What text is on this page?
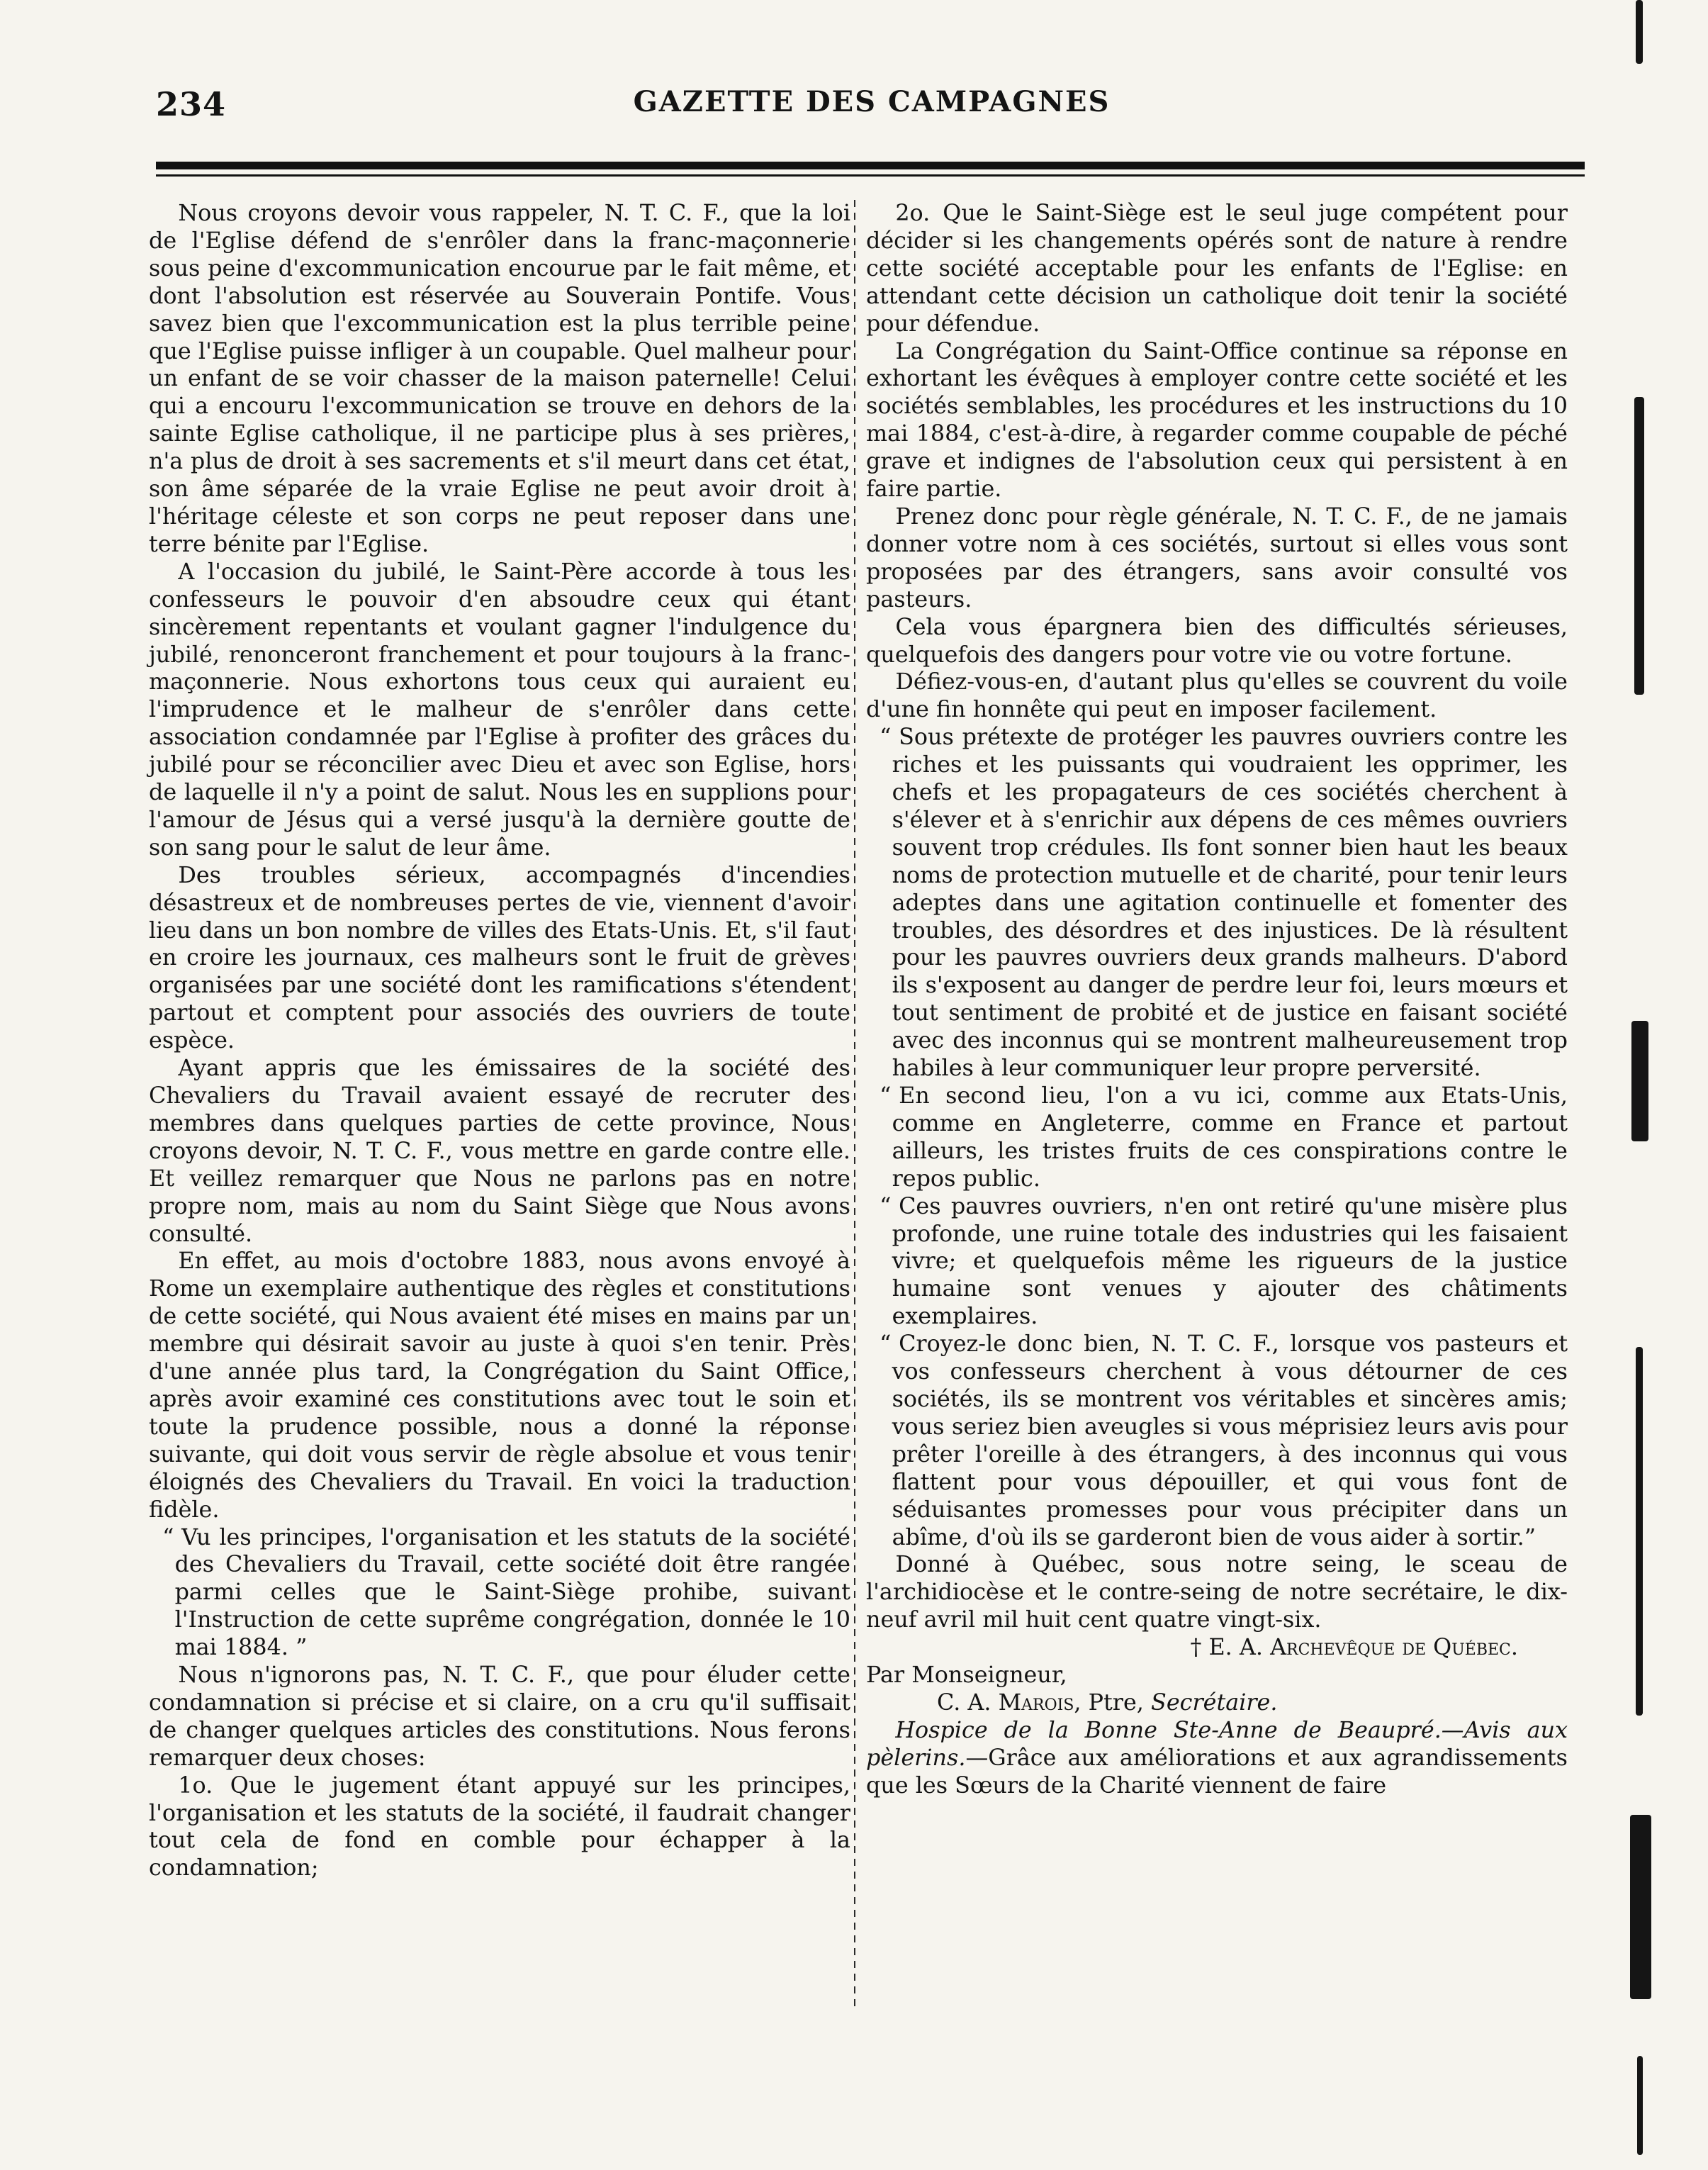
234	GAZETTE DES CAMPAGNES

Nous croyons devoir vous rappeler, N. T. C. F., que la loi de l'Eglise défend de s'enrôler dans la franc-maçonnerie sous peine d'excommunication encourue par le fait même, et dont l'absolution est réservée au Souverain Pontife. Vous savez bien que l'excommunication est la plus terrible peine que l'Eglise puisse infliger à un coupable. Quel malheur pour un enfant de se voir chasser de la maison paternelle! Celui qui a encouru l'excommunication se trouve en dehors de la sainte Eglise catholique, il ne participe plus à ses prières, n'a plus de droit à ses sacrements et s'il meurt dans cet état, son âme séparée de la vraie Eglise ne peut avoir droit à l'héritage céleste et son corps ne peut reposer dans une terre bénite par l'Eglise.

A l'occasion du jubilé, le Saint-Père accorde à tous les confesseurs le pouvoir d'en absoudre ceux qui étant sincèrement repentants et voulant gagner l'indulgence du jubilé, renonceront franchement et pour toujours à la franc-maçonnerie. Nous exhortons tous ceux qui auraient eu l'imprudence et le malheur de s'enrôler dans cette association condamnée par l'Eglise à profiter des grâces du jubilé pour se réconcilier avec Dieu et avec son Eglise, hors de laquelle il n'y a point de salut. Nous les en supplions pour l'amour de Jésus qui a versé jusqu'à la dernière goutte de son sang pour le salut de leur âme.

Des troubles sérieux, accompagnés d'incendies désastreux et de nombreuses pertes de vie, viennent d'avoir lieu dans un bon nombre de villes des Etats-Unis. Et, s'il faut en croire les journaux, ces malheurs sont le fruit de grèves organisées par une société dont les ramifications s'étendent partout et comptent pour associés des ouvriers de toute espèce.

Ayant appris que les émissaires de la société des Chevaliers du Travail avaient essayé de recruter des membres dans quelques parties de cette province, Nous croyons devoir, N. T. C. F., vous mettre en garde contre elle. Et veillez remarquer que Nous ne parlons pas en notre propre nom, mais au nom du Saint Siège que Nous avons consulté.

En effet, au mois d'octobre 1883, nous avons envoyé à Rome un exemplaire authentique des règles et constitutions de cette société, qui Nous avaient été mises en mains par un membre qui désirait savoir au juste à quoi s'en tenir. Près d'une année plus tard, la Congrégation du Saint Office, après avoir examiné ces constitutions avec tout le soin et toute la prudence possible, nous a donné la réponse suivante, qui doit vous servir de règle absolue et vous tenir éloignés des Chevaliers du Travail. En voici la traduction fidèle.

“ Vu les principes, l'organisation et les statuts de la société des Chevaliers du Travail, cette société doit être rangée parmi celles que le Saint-Siège prohibe, suivant l'Instruction de cette suprême congrégation, donnée le 10 mai 1884. ”

Nous n'ignorons pas, N. T. C. F., que pour éluder cette condamnation si précise et si claire, on a cru qu'il suffisait de changer quelques articles des constitutions. Nous ferons remarquer deux choses:

1o. Que le jugement étant appuyé sur les principes, l'organisation et les statuts de la société, il faudrait changer tout cela de fond en comble pour échapper à la condamnation;

2o. Que le Saint-Siège est le seul juge compétent pour décider si les changements opérés sont de nature à rendre cette société acceptable pour les enfants de l'Eglise: en attendant cette décision un catholique doit tenir la société pour défendue.

La Congrégation du Saint-Office continue sa réponse en exhortant les évêques à employer contre cette société et les sociétés semblables, les procédures et les instructions du 10 mai 1884, c'est-à-dire, à regarder comme coupable de péché grave et indignes de l'absolution ceux qui persistent à en faire partie.

Prenez donc pour règle générale, N. T. C. F., de ne jamais donner votre nom à ces sociétés, surtout si elles vous sont proposées par des étrangers, sans avoir consulté vos pasteurs.

Cela vous épargnera bien des difficultés sérieuses, quelquefois des dangers pour votre vie ou votre fortune.

Défiez-vous-en, d'autant plus qu'elles se couvrent du voile d'une fin honnête qui peut en imposer facilement.

“ Sous prétexte de protéger les pauvres ouvriers contre les riches et les puissants qui voudraient les opprimer, les chefs et les propagateurs de ces sociétés cherchent à s'élever et à s'enrichir aux dépens de ces mêmes ouvriers souvent trop crédules. Ils font sonner bien haut les beaux noms de protection mutuelle et de charité, pour tenir leurs adeptes dans une agitation continuelle et fomenter des troubles, des désordres et des injustices. De là résultent pour les pauvres ouvriers deux grands malheurs. D'abord ils s'exposent au danger de perdre leur foi, leurs mœurs et tout sentiment de probité et de justice en faisant société avec des inconnus qui se montrent malheureusement trop habiles à leur communiquer leur propre perversité.

“ En second lieu, l'on a vu ici, comme aux Etats-Unis, comme en Angleterre, comme en France et partout ailleurs, les tristes fruits de ces conspirations contre le repos public.

“ Ces pauvres ouvriers, n'en ont retiré qu'une misère plus profonde, une ruine totale des industries qui les faisaient vivre; et quelquefois même les rigueurs de la justice humaine sont venues y ajouter des châtiments exemplaires.

“ Croyez-le donc bien, N. T. C. F., lorsque vos pasteurs et vos confesseurs cherchent à vous détourner de ces sociétés, ils se montrent vos véritables et sincères amis; vous seriez bien aveugles si vous méprisiez leurs avis pour prêter l'oreille à des étrangers, à des inconnus qui vous flattent pour vous dépouiller, et qui vous font de séduisantes promesses pour vous précipiter dans un abîme, d'où ils se garderont bien de vous aider à sortir.”

Donné à Québec, sous notre seing, le sceau de l'archidiocèse et le contre-seing de notre secrétaire, le dix-neuf avril mil huit cent quatre vingt-six.

† E. A. Archevêque de Québec.

Par Monseigneur,

C. A. Marois, Ptre, Secrétaire.

Hospice de la Bonne Ste-Anne de Beaupré.—Avis aux pèlerins.—Grâce aux améliorations et aux agrandissements que les Sœurs de la Charité viennent de faire
